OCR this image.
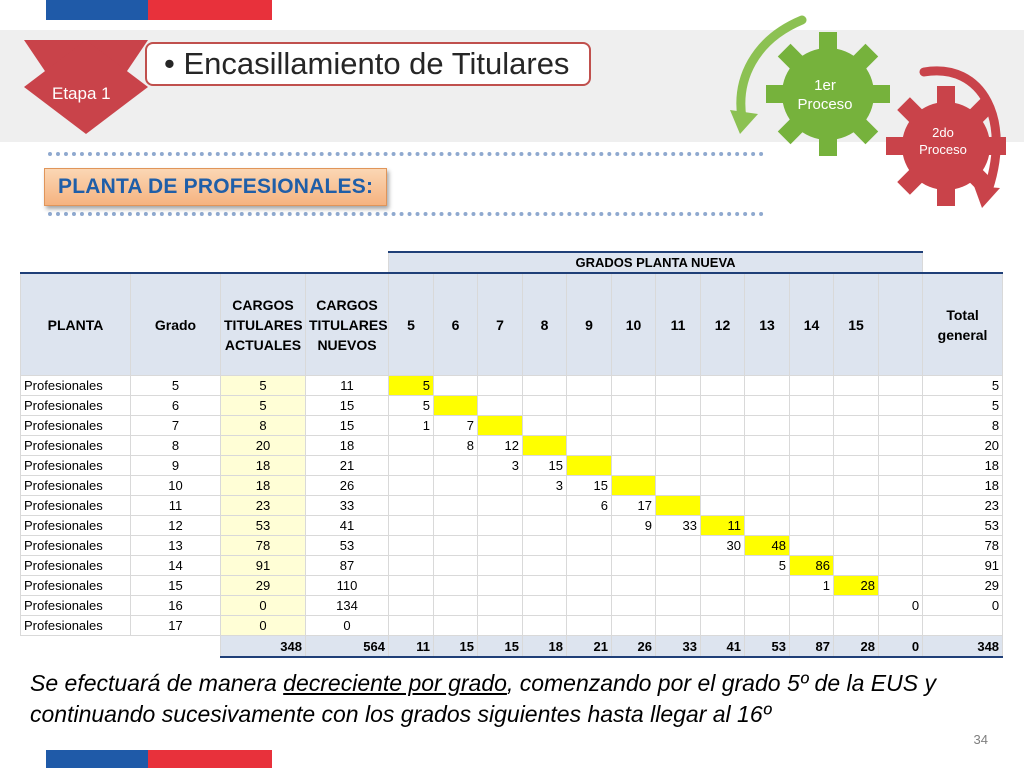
Etapa 1
• Encasillamiento de Titulares
1er Proceso
2do Proceso
PLANTA DE PROFESIONALES:
				GRADOS PLANTA NUEVA												
PLANTA	Grado	CARGOS TITULARES ACTUALES	CARGOS TITULARES NUEVOS	5	6	7	8	9	10	11	12	13	14	15		Total general
Profesionales	5	5	11	5												5
Profesionales	6	5	15	5												5
Profesionales	7	8	15	1	7											8
Profesionales	8	20	18		8	12										20
Profesionales	9	18	21			3	15									18
Profesionales	10	18	26				3	15								18
Profesionales	11	23	33					6	17							23
Profesionales	12	53	41						9	33	11					53
Profesionales	13	78	53								30	48				78
Profesionales	14	91	87									5	86			91
Profesionales	15	29	110										1	28		29
Profesionales	16	0	134												0	0
Profesionales	17	0	0													
		348	564	11	15	15	18	21	26	33	41	53	87	28	0	348
Se efectuará de manera decreciente por grado, comenzando por el grado 5º de la EUS y continuando sucesivamente con los grados siguientes hasta llegar al 16º
34
